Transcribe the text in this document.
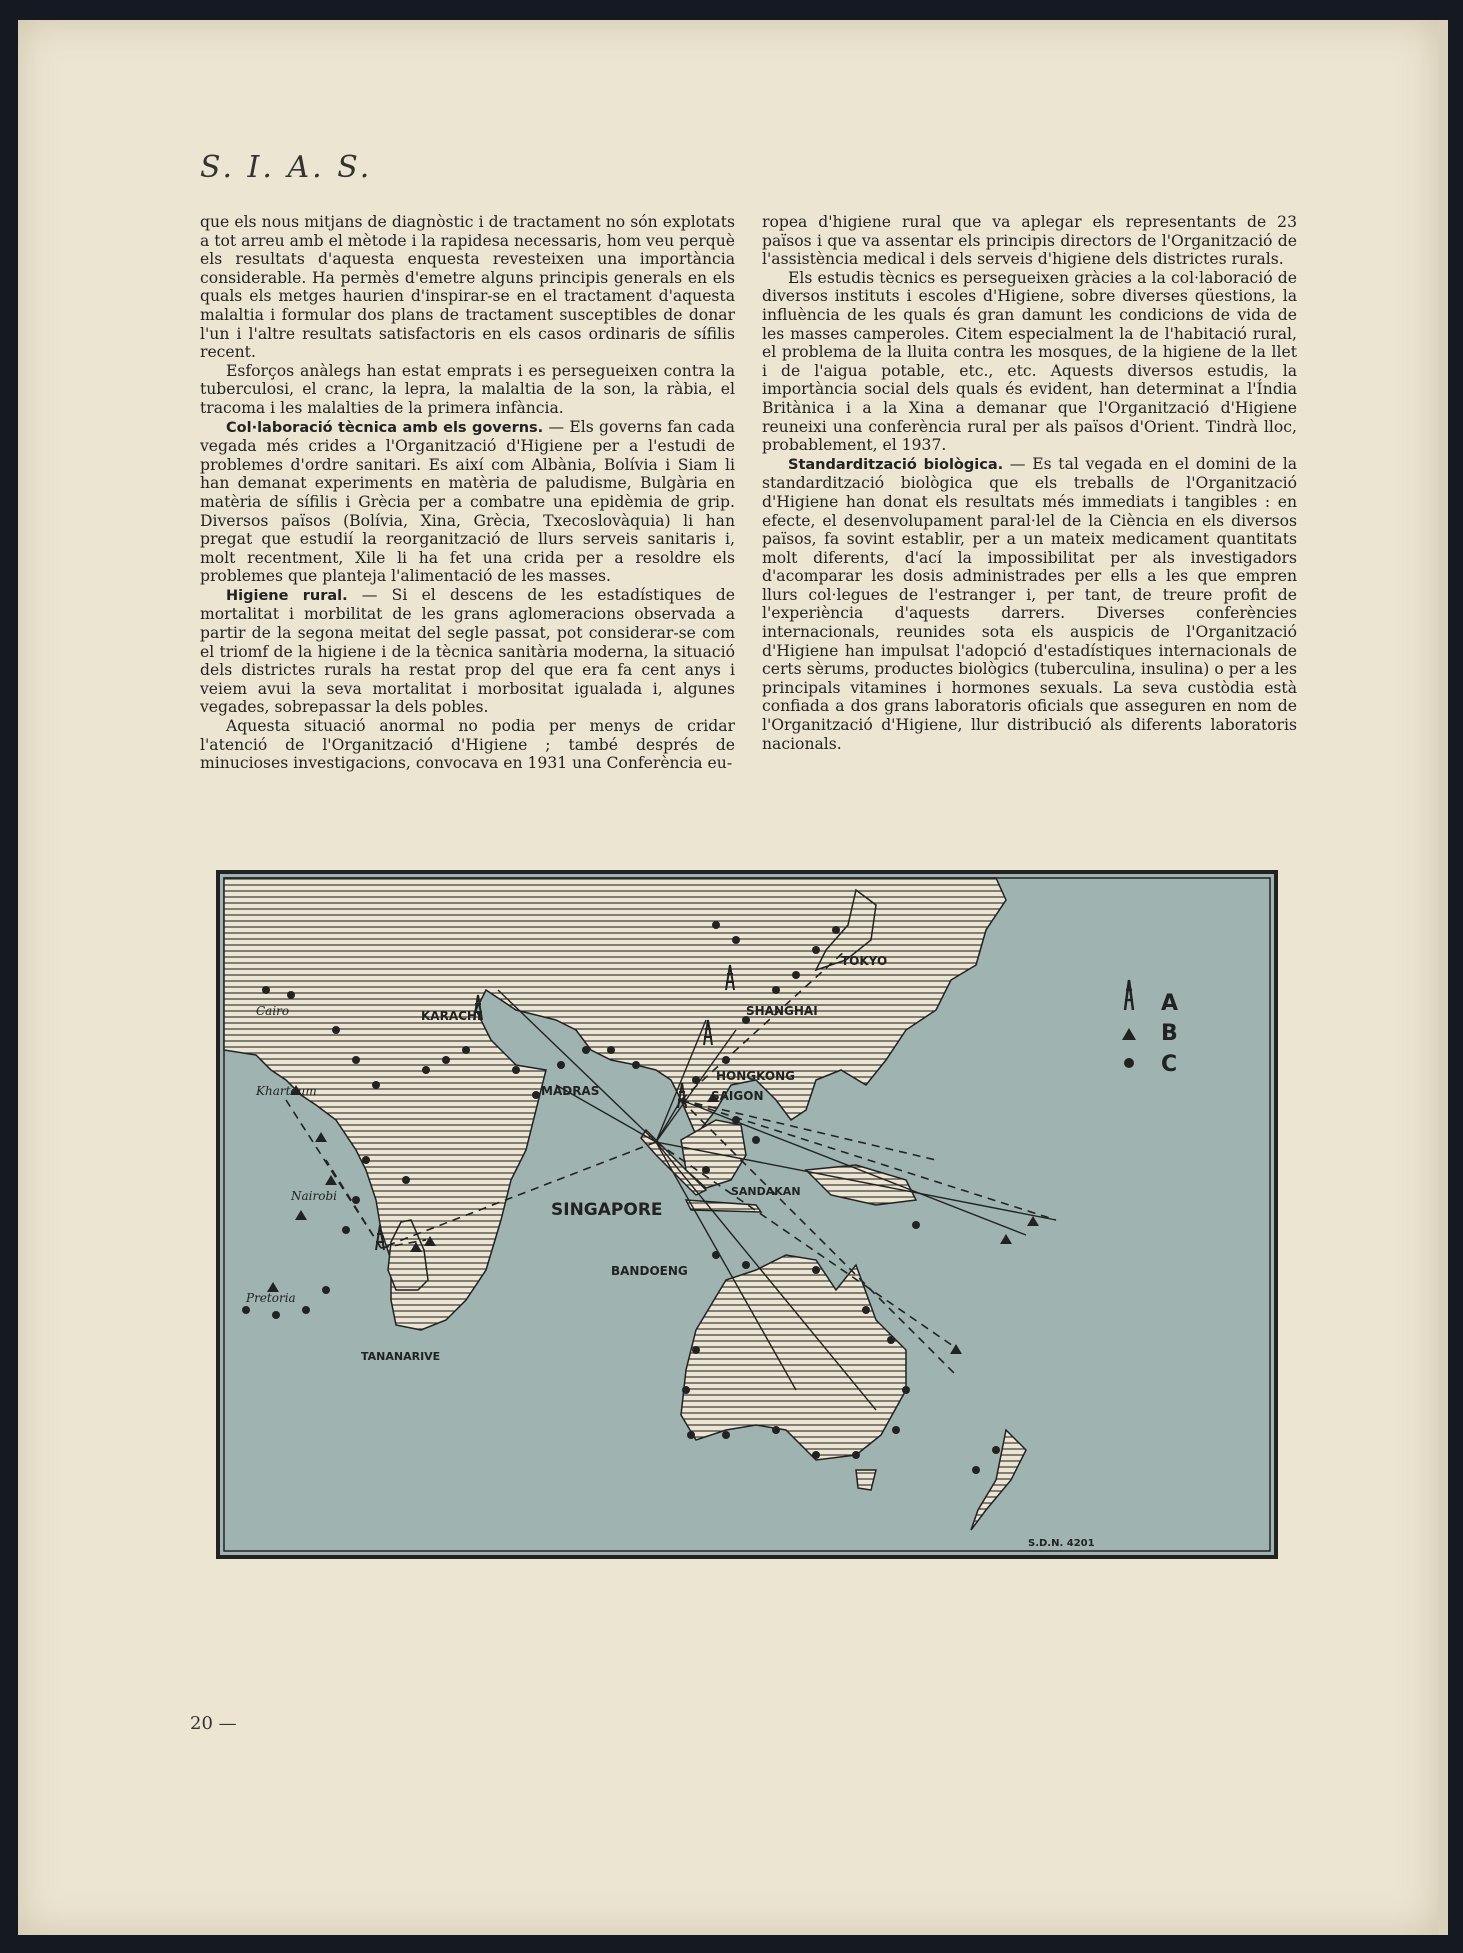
S. I. A. S.

que els nous mitjans de diagnòstic i de tractament no són explotats a tot arreu amb el mètode i la rapidesa necessaris, hom veu perquè els resultats d'aquesta enquesta revesteixen una importància considerable. Ha permès d'emetre alguns principis generals en els quals els metges haurien d'inspirar-se en el tractament d'aquesta malaltia i formular dos plans de tractament susceptibles de donar l'un i l'altre resultats satisfactoris en els casos ordinaris de sífilis recent.

Esforços anàlegs han estat emprats i es persegueixen contra la tuberculosi, el cranc, la lepra, la malaltia de la son, la ràbia, el tracoma i les malalties de la primera infància.

Col·laboració tècnica amb els governs. — Els governs fan cada vegada més crides a l'Organització d'Higiene per a l'estudi de problemes d'ordre sanitari. Es així com Albània, Bolívia i Siam li han demanat experiments en matèria de paludisme, Bulgària en matèria de sífilis i Grècia per a combatre una epidèmia de grip. Diversos països (Bolívia, Xina, Grècia, Txecoslovàquia) li han pregat que estudií la reorganització de llurs serveis sanitaris i, molt recentment, Xile li ha fet una crida per a resoldre els problemes que planteja l'alimentació de les masses.

Higiene rural. — Si el descens de les estadístiques de mortalitat i morbilitat de les grans aglomeracions observada a partir de la segona meitat del segle passat, pot considerar-se com el triomf de la higiene i de la tècnica sanitària moderna, la situació dels districtes rurals ha restat prop del que era fa cent anys i veiem avui la seva mortalitat i morbositat igualada i, algunes vegades, sobrepassar la dels pobles.

Aquesta situació anormal no podia per menys de cridar l'atenció de l'Organització d'Higiene ; també després de minucioses investigacions, convocava en 1931 una Conferència eu-

ropea d'higiene rural que va aplegar els representants de 23 països i que va assentar els principis directors de l'Organització de l'assistència medical i dels serveis d'higiene dels districtes rurals.

Els estudis tècnics es persegueixen gràcies a la col·laboració de diversos instituts i escoles d'Higiene, sobre diverses qüestions, la influència de les quals és gran damunt les condicions de vida de les masses camperoles. Citem especialment la de l'habitació rural, el problema de la lluita contra les mosques, de la higiene de la llet i de l'aigua potable, etc., etc. Aquests diversos estudis, la importància social dels quals és evident, han determinat a l'Índia Britànica i a la Xina a demanar que l'Organització d'Higiene reuneixi una conferència rural per als països d'Orient. Tindrà lloc, probablement, el 1937.

Standardització biològica. — Es tal vegada en el domini de la standardització biològica que els treballs de l'Organització d'Higiene han donat els resultats més immediats i tangibles : en efecte, el desenvolupament paral·lel de la Ciència en els diversos països, fa sovint establir, per a un mateix medicament quantitats molt diferents, d'ací la impossibilitat per als investigadors d'acomparar les dosis administrades per ells a les que empren llurs col·legues de l'estranger i, per tant, de treure profit de l'experiència d'aquests darrers. Diverses conferències internacionals, reunides sota els auspicis de l'Organització d'Higiene han impulsat l'adopció d'estadístiques internacionals de certs sèrums, productes biològics (tuberculina, insulina) o per a les principals vitamines i hormones sexuals. La seva custòdia està confiada a dos grans laboratoris oficials que asseguren en nom de l'Organització d'Higiene, llur distribució als diferents laboratoris nacionals.

Cairo
Khartoum
Nairobi
Pretoria
KARACHI
MADRAS
SINGAPORE
BANDOENG
SAIGON
HONGKONG
SHANGHAI
TOKYO
SANDAKAN
TANANARIVE
A
B
C
S.D.N. 4201
20 —
